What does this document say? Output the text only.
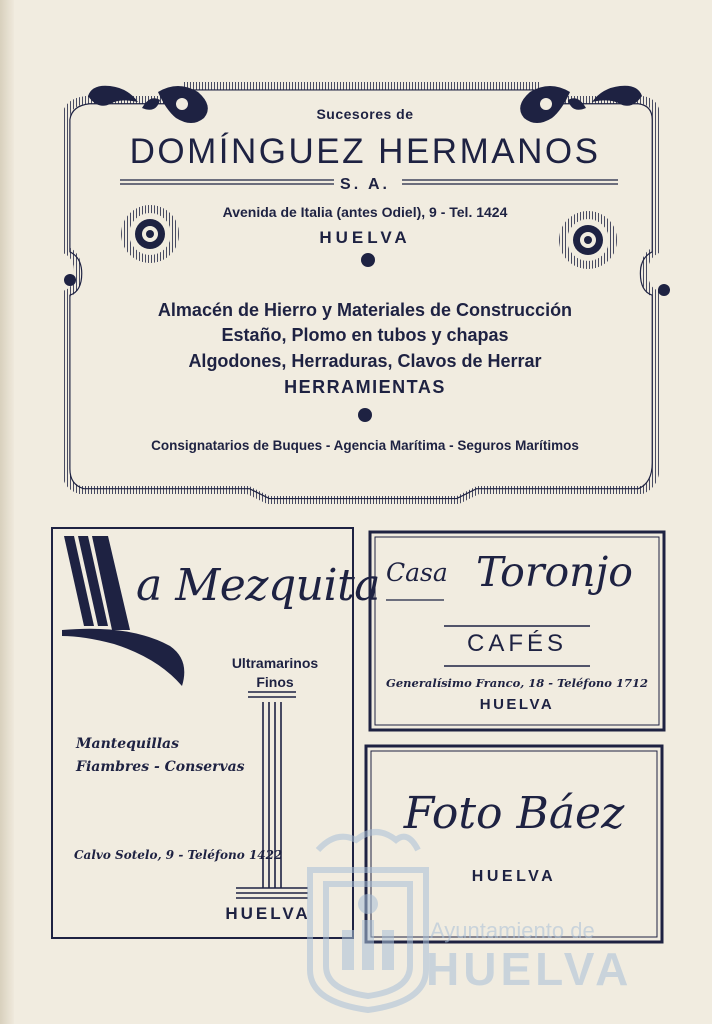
Sucesores de
DOMÍNGUEZ HERMANOS
S. A.
Avenida de Italia (antes Odiel), 9 - Tel. 1424
HUELVA
Almacén de Hierro y Materiales de Construcción
Estaño, Plomo en tubos y chapas
Algodones, Herraduras, Clavos de Herrar
HERRAMIENTAS
Consignatarios de Buques - Agencia Marítima - Seguros Marítimos
a Mezquita
Ultramarinos
Finos
Mantequillas
Fiambres - Conservas
Calvo Sotelo, 9 - Teléfono 1422
HUELVA
Casa Toronjo
CAFÉS
Generalísimo Franco, 18 - Teléfono 1712
HUELVA
Foto Báez
HUELVA
Ayuntamiento de
HUELVA
